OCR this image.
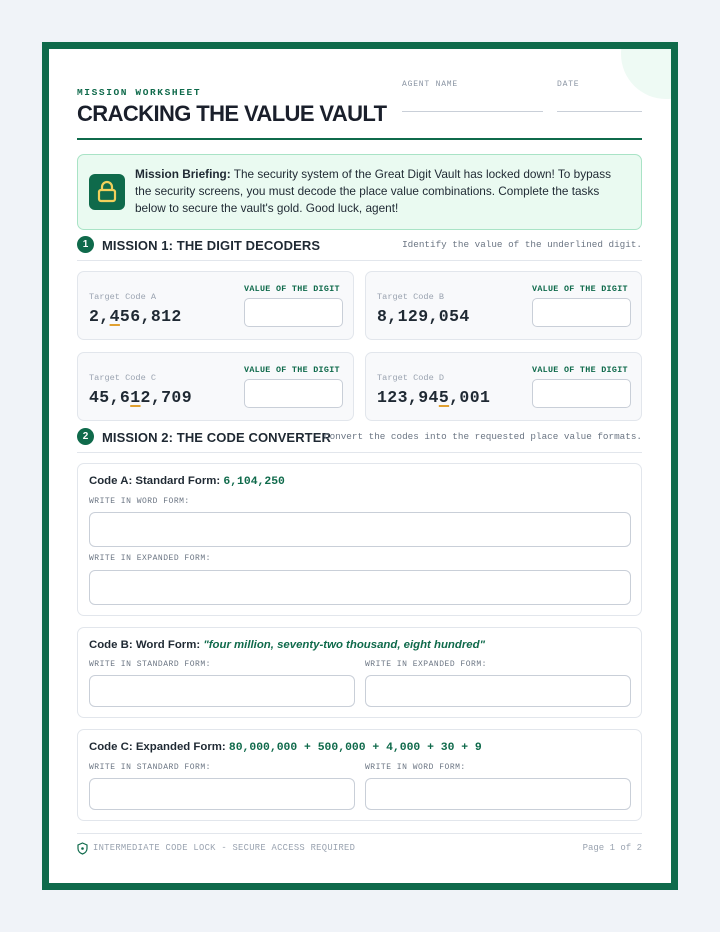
MISSION WORKSHEET
CRACKING THE VALUE VAULT
AGENT NAME	DATE
Mission Briefing: The security system of the Great Digit Vault has locked down! To bypass the security screens, you must decode the place value combinations. Complete the tasks below to secure the vault's gold. Good luck, agent!
1	MISSION 1: THE DIGIT DECODERS	Identify the value of the underlined digit.
Target Code A
2,456,812
VALUE OF THE DIGIT
Target Code B
8,129,054
VALUE OF THE DIGIT
Target Code C
45,612,709
VALUE OF THE DIGIT
Target Code D
123,945,001
VALUE OF THE DIGIT
2	MISSION 2: THE CODE CONVERTER
Convert the codes into the requested place value formats.
Code A: Standard Form: 6,104,250
WRITE IN WORD FORM:
WRITE IN EXPANDED FORM:
Code B: Word Form: "four million, seventy-two thousand, eight hundred"
WRITE IN STANDARD FORM:	WRITE IN EXPANDED FORM:
Code C: Expanded Form: 80,000,000 + 500,000 + 4,000 + 30 + 9
WRITE IN STANDARD FORM:	WRITE IN WORD FORM:
INTERMEDIATE CODE LOCK - SECURE ACCESS REQUIRED	Page 1 of 2
